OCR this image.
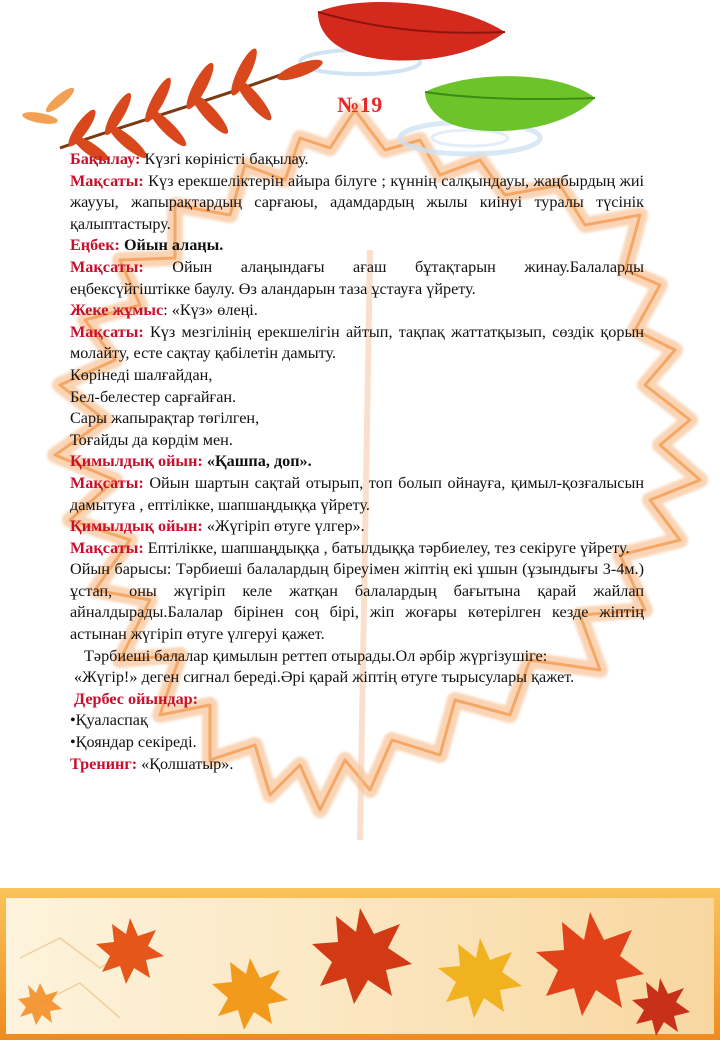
№19

Бақылау: Күзгі көріністі бақылау.

Мақсаты: Күз ерекшеліктерін айыра білуге ; күннің салқындауы, жаңбырдың жиі жаууы, жапырақтардың сарғаюы, адамдардың жылы киінуі туралы түсінік қалыптастыру.

Еңбек: Ойын алаңы.

Мақсаты: Ойын алаңындағы ағаш бұтақтарын жинау.Балаларды еңбексүйгіштікке баулу. Өз аландарын таза ұстауға үйрету.

Жеке жұмыс: «Күз» өлеңі.

Мақсаты: Күз мезгілінің ерекшелігін айтып, тақпақ жаттатқызып, сөздік қорын молайту, есте сақтау қабілетін дамыту.

Көрінеді шалғайдан,

Бел-белестер сарғайған.

Сары жапырақтар төгілген,

Тоғайды да көрдім мен.

Қимылдық ойын: «Қашпа, доп».

Мақсаты: Ойын шартын сақтай отырып, топ болып ойнауға, қимыл-қозғалысын дамытуға , ептілікке, шапшаңдыққа үйрету.

Қимылдық ойын: «Жүгіріп өтуге үлгер».

Мақсаты: Ептілікке, шапшаңдыққа , батылдыққа тәрбиелеу, тез секіруге үйрету.

Ойын барысы: Тәрбиеші балалардың біреуімен жіптің екі ұшын (ұзындығы 3-4м.) ұстап, оны жүгіріп келе жатқан балалардың бағытына қарай жайлап айналдырады.Балалар бірінен соң бірі, жіп жоғары көтерілген кезде жіптің астынан жүгіріп өтуге үлгеруі қажет.

Тәрбиеші балалар қимылын реттеп отырады.Ол әрбір жүргізушіге:

«Жүгір!» деген сигнал береді.Әрі қарай жіптің өтуге тырысулары қажет.

Дербес ойындар:

• Қуаласпақ

• Қояндар секіреді.

Тренинг: «Қолшатыр».
